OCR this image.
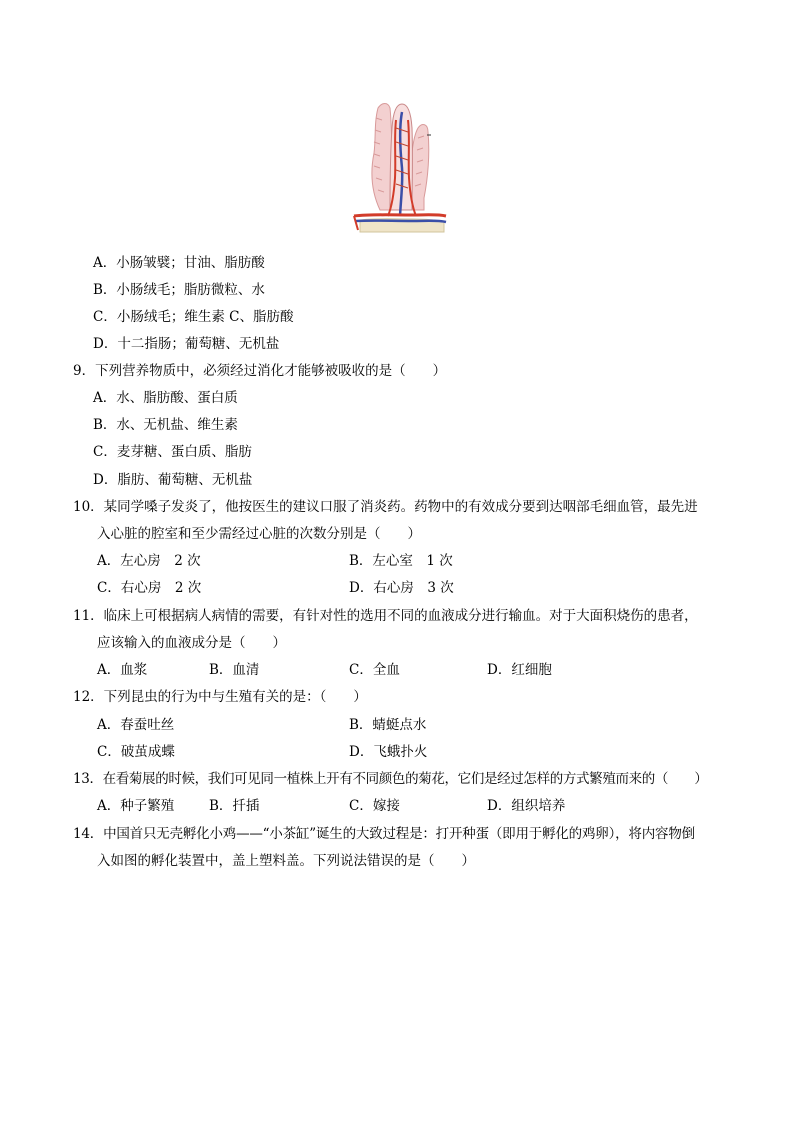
A．小肠皱襞；甘油、脂肪酸
B．小肠绒毛；脂肪微粒、水
C．小肠绒毛；维生素 C、脂肪酸
D．十二指肠；葡萄糖、无机盐
9．下列营养物质中，必须经过消化才能够被吸收的是（　　）
A．水、脂肪酸、蛋白质
B．水、无机盐、维生素
C．麦芽糖、蛋白质、脂肪
D．脂肪、葡萄糖、无机盐
10．某同学嗓子发炎了，他按医生的建议口服了消炎药。药物中的有效成分要到达咽部毛细血管，最先进
入心脏的腔室和至少需经过心脏的次数分别是（　　）
A．左心房　2 次	B．左心室　1 次
C．右心房　2 次	D．右心房　3 次
11．临床上可根据病人病情的需要，有针对性的选用不同的血液成分进行输血。对于大面积烧伤的患者，
应该输入的血液成分是（　　）
A．血浆	B．血清	C．全血	D．红细胞
12．下列昆虫的行为中与生殖有关的是：（　　）
A．春蚕吐丝	B．蜻蜓点水
C．破茧成蝶	D．飞蛾扑火
13．在看菊展的时候，我们可见同一植株上开有不同颜色的菊花，它们是经过怎样的方式繁殖而来的（　　）
A．种子繁殖	B．扦插	C．嫁接	D．组织培养
14．中国首只无壳孵化小鸡——“小茶缸”诞生的大致过程是：打开种蛋（即用于孵化的鸡卵），将内容物倒
入如图的孵化装置中，盖上塑料盖。下列说法错误的是（　　）
